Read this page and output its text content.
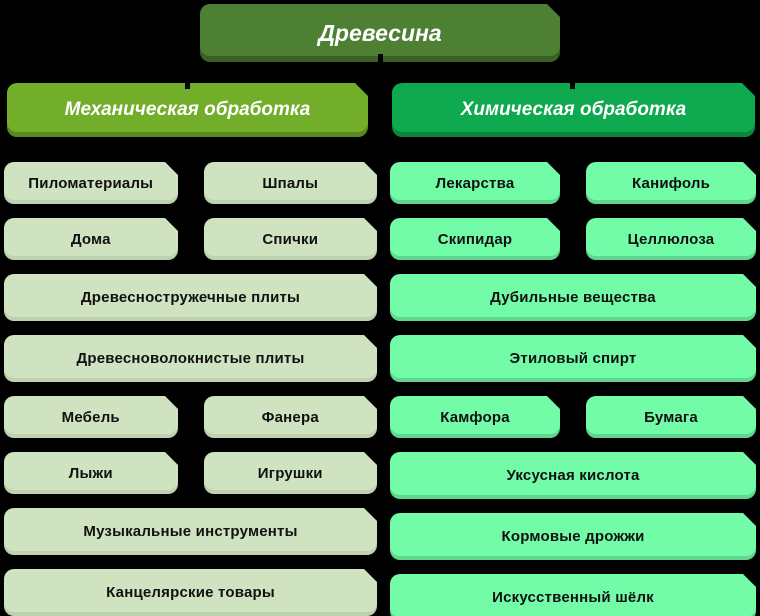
Древесина
Механическая обработка	Химическая обработка
Пиломатериалы	Шпалы
Дома	Спички
Древесностружечные плиты
Древесноволокнистые плиты
Мебель	Фанера
Лыжи	Игрушки
Музыкальные инструменты
Канцелярские товары
Лекарства	Канифоль
Скипидар	Целлюлоза
Дубильные вещества
Этиловый спирт
Камфора	Бумага
Уксусная кислота
Кормовые дрожжи
Искусственный шёлк
